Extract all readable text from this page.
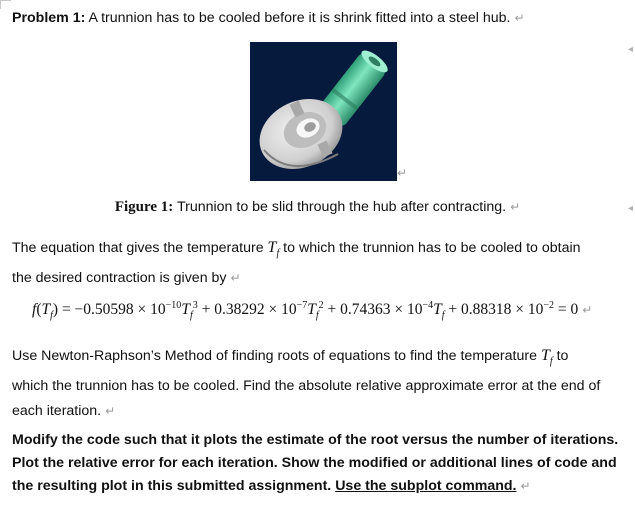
Problem 1: A trunnion has to be cooled before it is shrink fitted into a steel hub. ↵
↵
◂
◂
Figure 1: Trunnion to be slid through the hub after contracting. ↵
The equation that gives the temperature $T_f$ to which the trunnion has to be cooled to obtain
the desired contraction is given by ↵
$f(T_f) = -0.50598 \times 10^{-10}T_f^3 + 0.38292 \times 10^{-7}T_f^2 + 0.74363 \times 10^{-4}T_f + 0.88318 \times 10^{-2} = 0$ ↵
Use Newton-Raphson’s Method of finding roots of equations to find the temperature $T_f$ to
which the trunnion has to be cooled. Find the absolute relative approximate error at the end of
each iteration. ↵
Modify the code such that it plots the estimate of the root versus the number of iterations.
Plot the relative error for each iteration. Show the modified or additional lines of code and
the resulting plot in this submitted assignment. Use the subplot command. ↵
